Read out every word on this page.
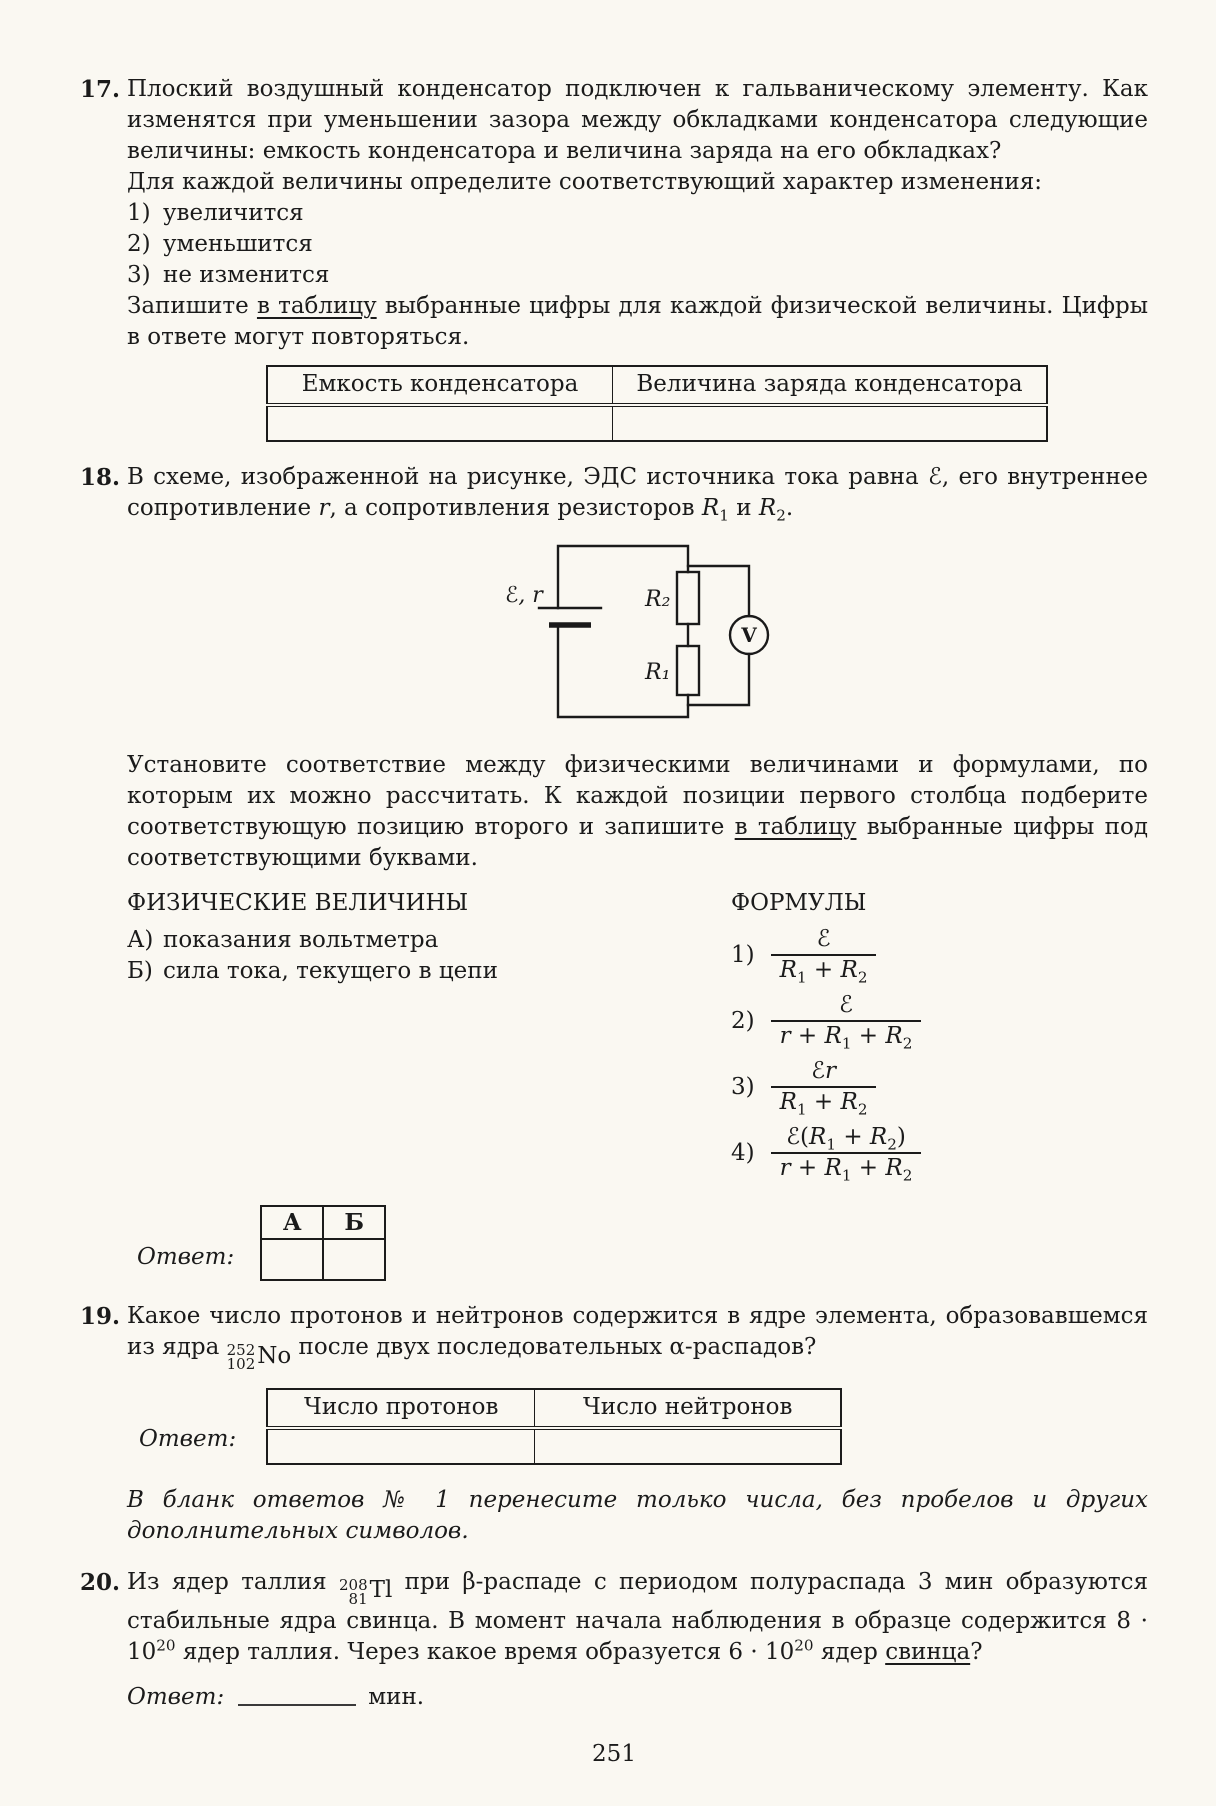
17. Плоский воздушный конденсатор подключен к гальваническому элементу. Как изменятся при уменьшении зазора между обкладками конденсатора следующие величины: емкость конденсатора и величина заряда на его обкладках?

Для каждой величины определите соответствующий характер изменения:

1) увеличится
2) уменьшится
3) не изменится

Запишите в таблицу выбранные цифры для каждой физической величины. Цифры в ответе могут повторяться.

Емкость конденсатора	Величина заряда конденсатора

18. В схеме, изображенной на рисунке, ЭДС источника тока равна ℰ, его внутреннее сопротивление r, а сопротивления резисторов $R_1$ и $R_2$.

ℰ, r	R₂
R₁
V

Установите соответствие между физическими величинами и формулами, по которым их можно рассчитать. К каждой позиции первого столбца подберите соответствующую позицию второго и запишите в таблицу выбранные цифры под соответствующими буквами.

ФИЗИЧЕСКИЕ ВЕЛИЧИНЫ
А) показания вольтметра
Б) сила тока, текущего в цепи
ФОРМУЛЫ
$1) \frac{\text{ℰ}}{R_1 + R_2}$
$2) \frac{\text{ℰ}}{r + R_1 + R_2}$
$3) \frac{\text{ℰr}}{R_1 + R_2}$
$4) \frac{ℰ(R_1 + R_2)}{r + R_1 + R_2}$
Ответ:
А	Б

19. Какое число протонов и нейтронов содержится в ядре элемента, образовавшемся из ядра 252
102 No после двух последовательных α-распадов?

Ответ:
Число протонов	Число нейтронов

В бланк ответов № 1 перенесите только числа, без пробелов и других дополнительных символов.

20. Из ядер таллия 208
81 Tl при β-распаде с периодом полураспада 3 мин образуются стабильные ядра свинца. В момент начала наблюдения в образце содержится $8 \cdot 10^{20}$ ядер таллия. Через какое время образуется $6 \cdot 10^{20}$ ядер свинца?

Ответ:	мин.
251
